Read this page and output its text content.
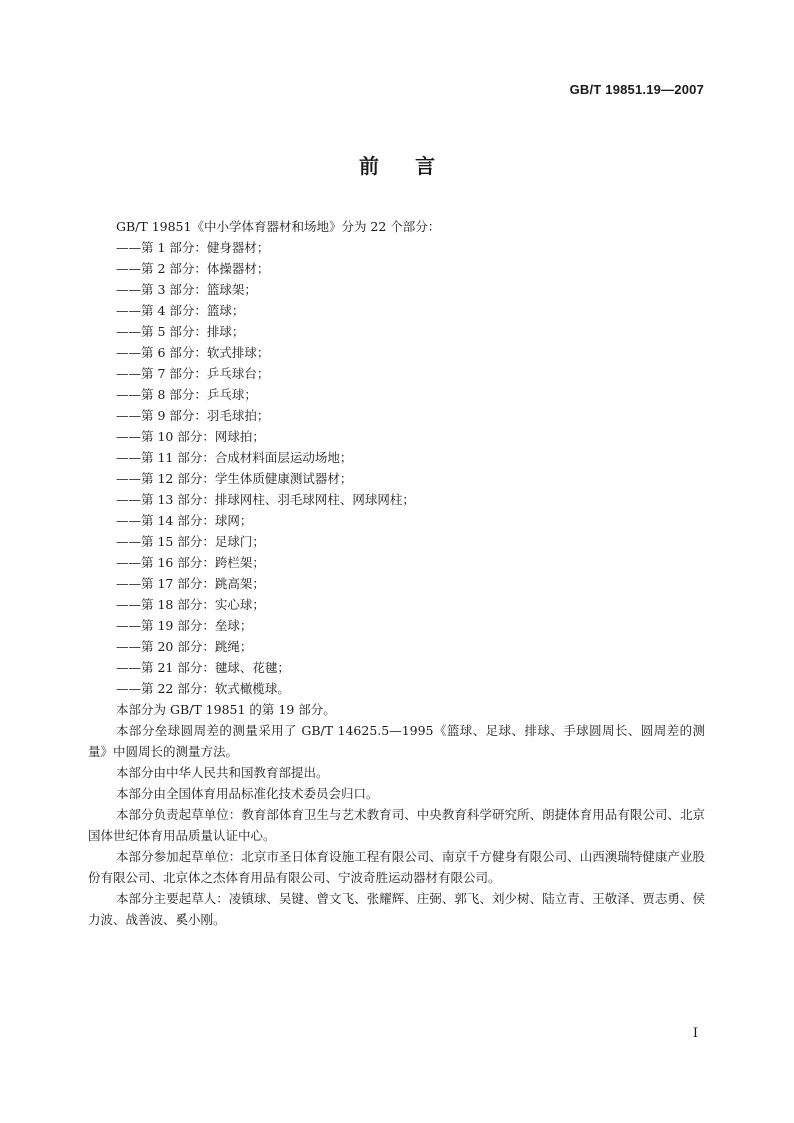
GB/T 19851.19—2007
前言
GB/T 19851《中小学体育器材和场地》分为 22 个部分：
——第 1 部分：健身器材；
——第 2 部分：体操器材；
——第 3 部分：篮球架；
——第 4 部分：篮球；
——第 5 部分：排球；
——第 6 部分：软式排球；
——第 7 部分：乒乓球台；
——第 8 部分：乒乓球；
——第 9 部分：羽毛球拍；
——第 10 部分：网球拍；
——第 11 部分：合成材料面层运动场地；
——第 12 部分：学生体质健康测试器材；
——第 13 部分：排球网柱、羽毛球网柱、网球网柱；
——第 14 部分：球网；
——第 15 部分：足球门；
——第 16 部分：跨栏架；
——第 17 部分：跳高架；
——第 18 部分：实心球；
——第 19 部分：垒球；
——第 20 部分：跳绳；
——第 21 部分：毽球、花毽；
——第 22 部分：软式橄榄球。

本部分为 GB/T 19851 的第 19 部分。

本部分垒球圆周差的测量采用了 GB/T 14625.5—1995《篮球、足球、排球、手球圆周长、圆周差的测量》中圆周长的测量方法。

本部分由中华人民共和国教育部提出。

本部分由全国体育用品标准化技术委员会归口。

本部分负责起草单位：教育部体育卫生与艺术教育司、中央教育科学研究所、朗捷体育用品有限公司、北京国体世纪体育用品质量认证中心。

本部分参加起草单位：北京市圣日体育设施工程有限公司、南京千方健身有限公司、山西澳瑞特健康产业股份有限公司、北京体之杰体育用品有限公司、宁波奇胜运动器材有限公司。

本部分主要起草人：凌镇球、吴键、曾文飞、张耀辉、庄弼、郭飞、刘少树、陆立青、王敬泽、贾志勇、侯力波、战善波、奚小刚。

I
